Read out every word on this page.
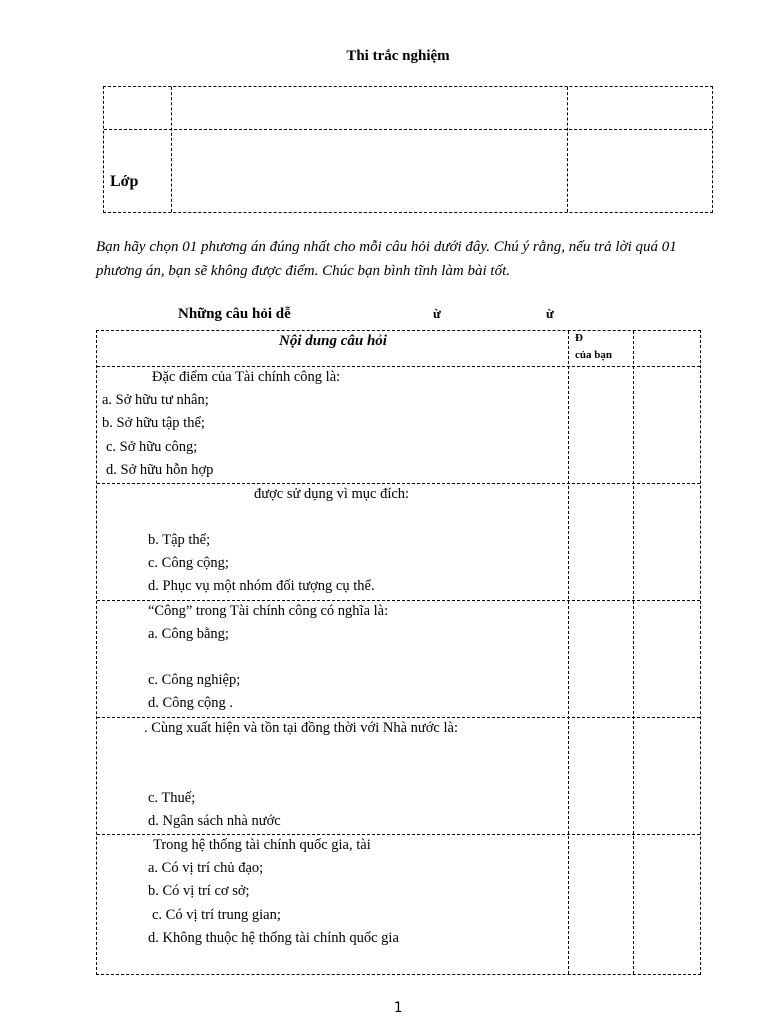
Thi trắc nghiệm
Lớp
Bạn hãy chọn 01 phương án đúng nhất cho mỗi câu hỏi dưới đây. Chú ý rằng, nếu trả lời quá 01 phương án, bạn sẽ không được điểm. Chúc bạn bình tĩnh làm bài tốt.
Những câu hỏi dễ	ừ	ừ
Nội dung câu hỏi	Đ
của bạn
Đặc điểm của Tài chính công là:
a. Sở hữu tư nhân;
b. Sở hữu tập thể;
c. Sở hữu công;
d. Sở hữu hỗn hợp
được sử dụng vì mục đích:
b. Tập thể;
c. Công cộng;
d. Phục vụ một nhóm đối tượng cụ thể.
“Công” trong Tài chính công có nghĩa là:
a. Công bằng;
c. Công nghiệp;
d. Công cộng .
. Cùng xuất hiện và tồn tại đồng thời với Nhà nước là:
c. Thuế;
d. Ngân sách nhà nước
Trong hệ thống tài chính quốc gia, tài
a. Có vị trí chủ đạo;
b. Có vị trí cơ sở;
c. Có vị trí trung gian;
d. Không thuộc hệ thống tài chính quốc gia
1
